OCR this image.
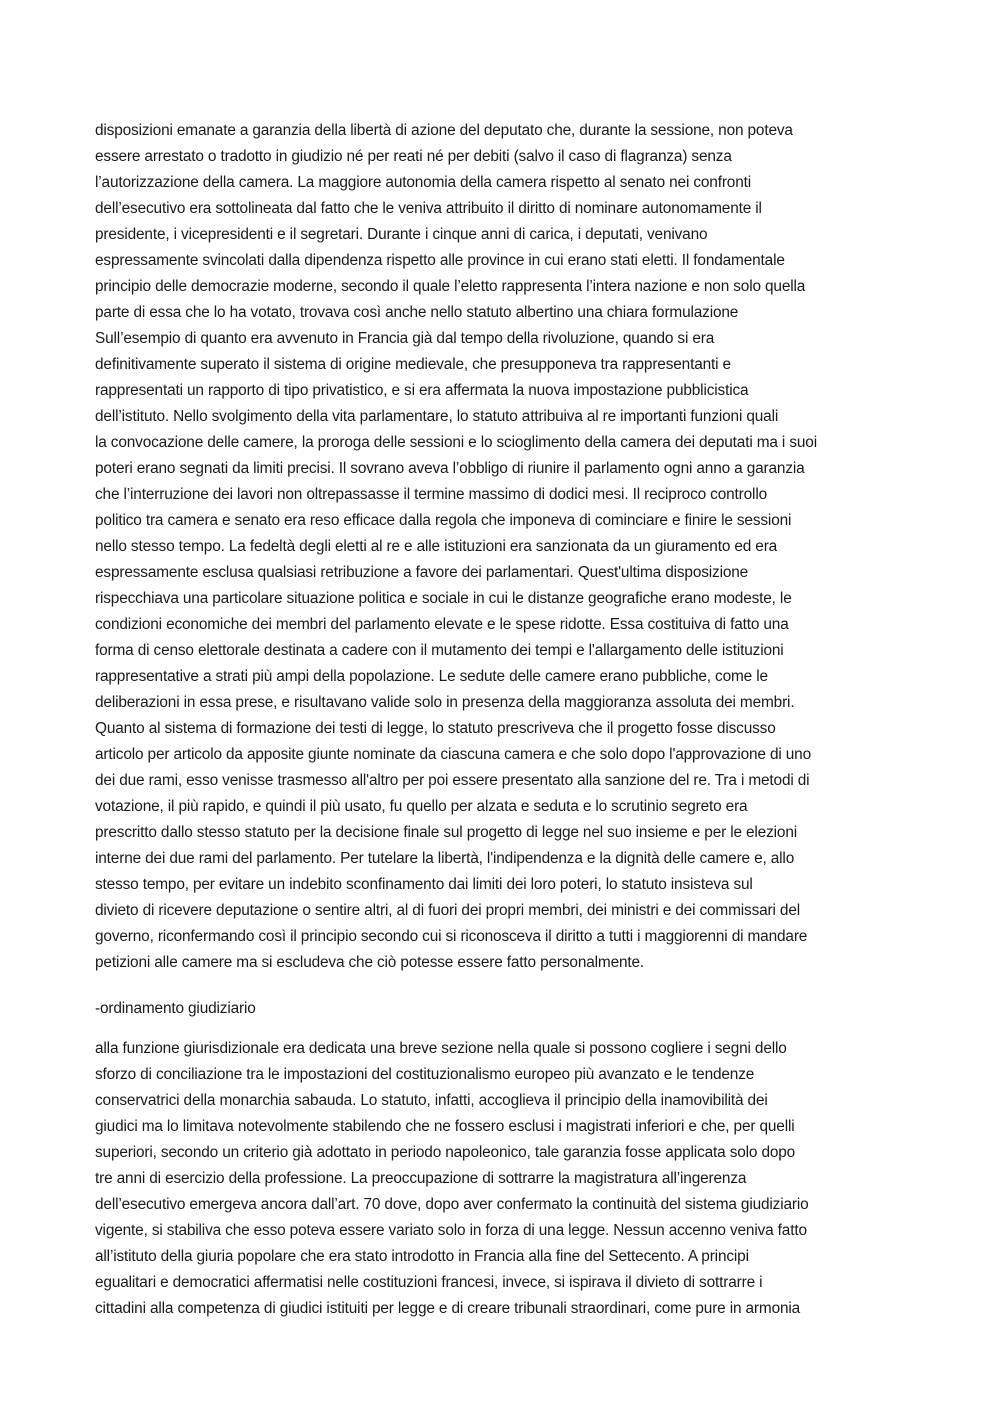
disposizioni emanate a garanzia della libertà di azione del deputato che, durante la sessione, non poteva
essere arrestato o tradotto in giudizio né per reati né per debiti (salvo il caso di flagranza) senza
l’autorizzazione della camera. La maggiore autonomia della camera rispetto al senato nei confronti
dell’esecutivo era sottolineata dal fatto che le veniva attribuito il diritto di nominare autonomamente il
presidente, i vicepresidenti e il segretari. Durante i cinque anni di carica, i deputati, venivano
espressamente svincolati dalla dipendenza rispetto alle province in cui erano stati eletti. Il fondamentale
principio delle democrazie moderne, secondo il quale l’eletto rappresenta l’intera nazione e non solo quella
parte di essa che lo ha votato, trovava così anche nello statuto albertino una chiara formulazione
Sull’esempio di quanto era avvenuto in Francia già dal tempo della rivoluzione, quando si era
definitivamente superato il sistema di origine medievale, che presupponeva tra rappresentanti e
rappresentati un rapporto di tipo privatistico, e si era affermata la nuova impostazione pubblicistica
dell’istituto. Nello svolgimento della vita parlamentare, lo statuto attribuiva al re importanti funzioni quali
la convocazione delle camere, la proroga delle sessioni e lo scioglimento della camera dei deputati ma i suoi
poteri erano segnati da limiti precisi. Il sovrano aveva l’obbligo di riunire il parlamento ogni anno a garanzia
che l’interruzione dei lavori non oltrepassasse il termine massimo di dodici mesi. Il reciproco controllo
politico tra camera e senato era reso efficace dalla regola che imponeva di cominciare e finire le sessioni
nello stesso tempo. La fedeltà degli eletti al re e alle istituzioni era sanzionata da un giuramento ed era
espressamente esclusa qualsiasi retribuzione a favore dei parlamentari. Quest'ultima disposizione
rispecchiava una particolare situazione politica e sociale in cui le distanze geografiche erano modeste, le
condizioni economiche dei membri del parlamento elevate e le spese ridotte. Essa costituiva di fatto una
forma di censo elettorale destinata a cadere con il mutamento dei tempi e l'allargamento delle istituzioni
rappresentative a strati più ampi della popolazione. Le sedute delle camere erano pubbliche, come le
deliberazioni in essa prese, e risultavano valide solo in presenza della maggioranza assoluta dei membri.
Quanto al sistema di formazione dei testi di legge, lo statuto prescriveva che il progetto fosse discusso
articolo per articolo da apposite giunte nominate da ciascuna camera e che solo dopo l'approvazione di uno
dei due rami, esso venisse trasmesso all'altro per poi essere presentato alla sanzione del re. Tra i metodi di
votazione, il più rapido, e quindi il più usato, fu quello per alzata e seduta e lo scrutinio segreto era
prescritto dallo stesso statuto per la decisione finale sul progetto di legge nel suo insieme e per le elezioni
interne dei due rami del parlamento. Per tutelare la libertà, l'indipendenza e la dignità delle camere e, allo
stesso tempo, per evitare un indebito sconfinamento dai limiti dei loro poteri, lo statuto insisteva sul
divieto di ricevere deputazione o sentire altri, al di fuori dei propri membri, dei ministri e dei commissari del
governo, riconfermando così il principio secondo cui si riconosceva il diritto a tutti i maggiorenni di mandare
petizioni alle camere ma si escludeva che ciò potesse essere fatto personalmente.
-ordinamento giudiziario
alla funzione giurisdizionale era dedicata una breve sezione nella quale si possono cogliere i segni dello
sforzo di conciliazione tra le impostazioni del costituzionalismo europeo più avanzato e le tendenze
conservatrici della monarchia sabauda. Lo statuto, infatti, accoglieva il principio della inamovibilità dei
giudici ma lo limitava notevolmente stabilendo che ne fossero esclusi i magistrati inferiori e che, per quelli
superiori, secondo un criterio già adottato in periodo napoleonico, tale garanzia fosse applicata solo dopo
tre anni di esercizio della professione. La preoccupazione di sottrarre la magistratura all’ingerenza
dell’esecutivo emergeva ancora dall’art. 70 dove, dopo aver confermato la continuità del sistema giudiziario
vigente, si stabiliva che esso poteva essere variato solo in forza di una legge. Nessun accenno veniva fatto
all’istituto della giuria popolare che era stato introdotto in Francia alla fine del Settecento. A principi
egualitari e democratici affermatisi nelle costituzioni francesi, invece, si ispirava il divieto di sottrarre i
cittadini alla competenza di giudici istituiti per legge e di creare tribunali straordinari, come pure in armonia
